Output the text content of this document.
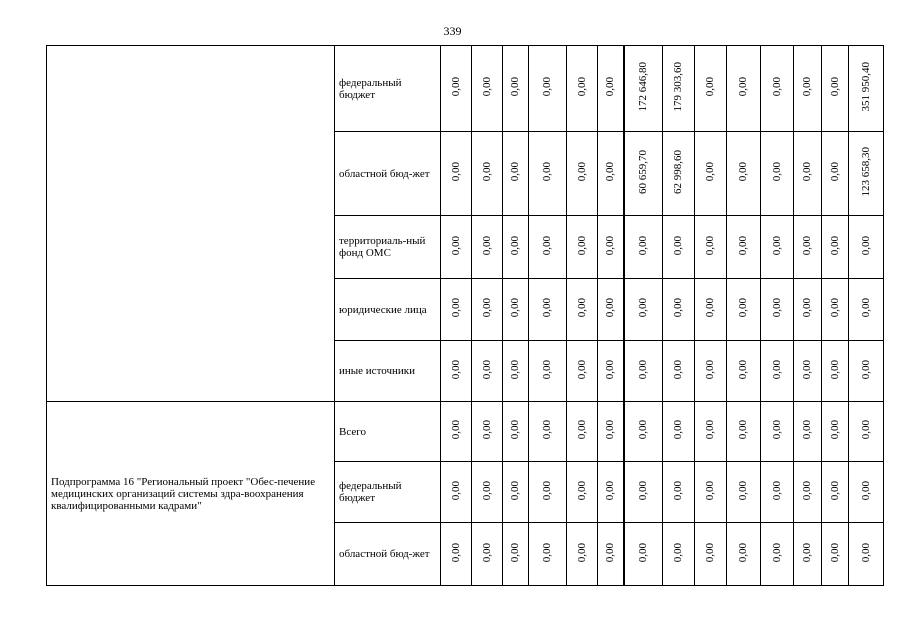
339
	федеральный бюджет	0,00	0,00	0,00	0,00	0,00	0,00	172 646,80	179 303,60	0,00	0,00	0,00	0,00	0,00	351 950,40
	областной бюд-жет	0,00	0,00	0,00	0,00	0,00	0,00	60 659,70	62 998,60	0,00	0,00	0,00	0,00	0,00	123 658,30
	территориаль-ный фонд ОМС	0,00	0,00	0,00	0,00	0,00	0,00	0,00	0,00	0,00	0,00	0,00	0,00	0,00	0,00
	юридические лица	0,00	0,00	0,00	0,00	0,00	0,00	0,00	0,00	0,00	0,00	0,00	0,00	0,00	0,00
	иные источники	0,00	0,00	0,00	0,00	0,00	0,00	0,00	0,00	0,00	0,00	0,00	0,00	0,00	0,00

Подпрограмма 16 "Региональный проект "Обес-печение медицинских организаций системы здра-воохранения квалифицированными кадрами"	Всего	0,00	0,00	0,00	0,00	0,00	0,00	0,00	0,00	0,00	0,00	0,00	0,00	0,00	0,00
	федеральный бюджет	0,00	0,00	0,00	0,00	0,00	0,00	0,00	0,00	0,00	0,00	0,00	0,00	0,00	0,00
	областной бюд-жет	0,00	0,00	0,00	0,00	0,00	0,00	0,00	0,00	0,00	0,00	0,00	0,00	0,00	0,00
